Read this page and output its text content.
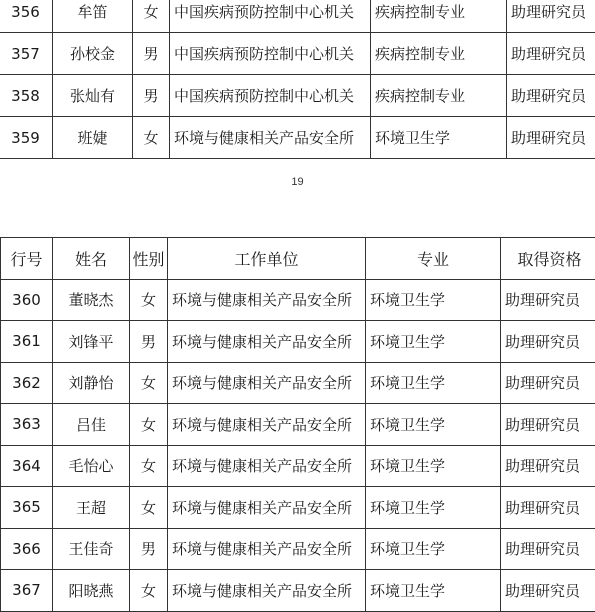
356	牟笛	女	中国疾病预防控制中心机关	疾病控制专业	助理研究员
357	孙校金	男	中国疾病预防控制中心机关	疾病控制专业	助理研究员
358	张灿有	男	中国疾病预防控制中心机关	疾病控制专业	助理研究员
359	班婕	女	环境与健康相关产品安全所	环境卫生学	助理研究员
19
行号	姓名	性别	工作单位	专业	取得资格
360	董晓杰	女	环境与健康相关产品安全所	环境卫生学	助理研究员
361	刘锋平	男	环境与健康相关产品安全所	环境卫生学	助理研究员
362	刘静怡	女	环境与健康相关产品安全所	环境卫生学	助理研究员
363	吕佳	女	环境与健康相关产品安全所	环境卫生学	助理研究员
364	毛怡心	女	环境与健康相关产品安全所	环境卫生学	助理研究员
365	王超	女	环境与健康相关产品安全所	环境卫生学	助理研究员
366	王佳奇	男	环境与健康相关产品安全所	环境卫生学	助理研究员
367	阳晓燕	女	环境与健康相关产品安全所	环境卫生学	助理研究员
